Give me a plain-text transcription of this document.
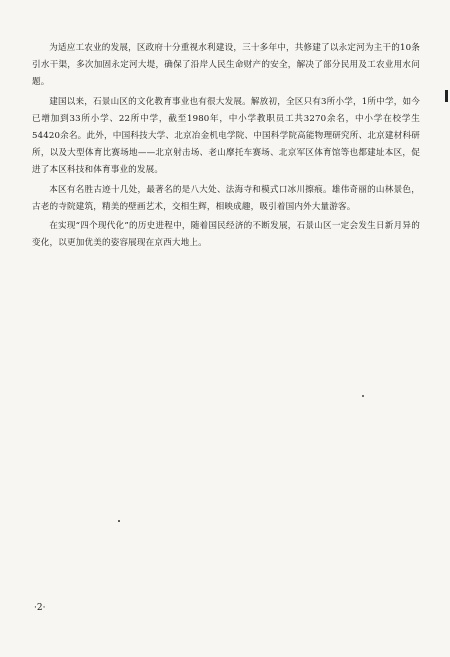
为适应工农业的发展，区政府十分重视水利建设，三十多年中，共修建了以永定河为主干的10条引水干渠，多次加固永定河大堤，确保了沿岸人民生命财产的安全，解决了部分民用及工农业用水问题。

建国以来，石景山区的文化教育事业也有很大发展。解放初，全区只有3所小学，1所中学，如今已增加到33所小学、22所中学，截至1980年，中小学教职员工共3270余名，中小学在校学生54420余名。此外，中国科技大学、北京冶金机电学院、中国科学院高能物理研究所、北京建材科研所，以及大型体育比赛场地——北京射击场、老山摩托车赛场、北京军区体育馆等也都建址本区，促进了本区科技和体育事业的发展。

本区有名胜古迹十几处，最著名的是八大处、法海寺和模式口冰川擦痕。雄伟奇丽的山林景色，古老的寺院建筑，精美的壁画艺术，交相生辉，相映成趣，吸引着国内外大量游客。

在实现“四个现代化”的历史进程中，随着国民经济的不断发展，石景山区一定会发生日新月异的变化，以更加优美的姿容展现在京西大地上。

·2·
